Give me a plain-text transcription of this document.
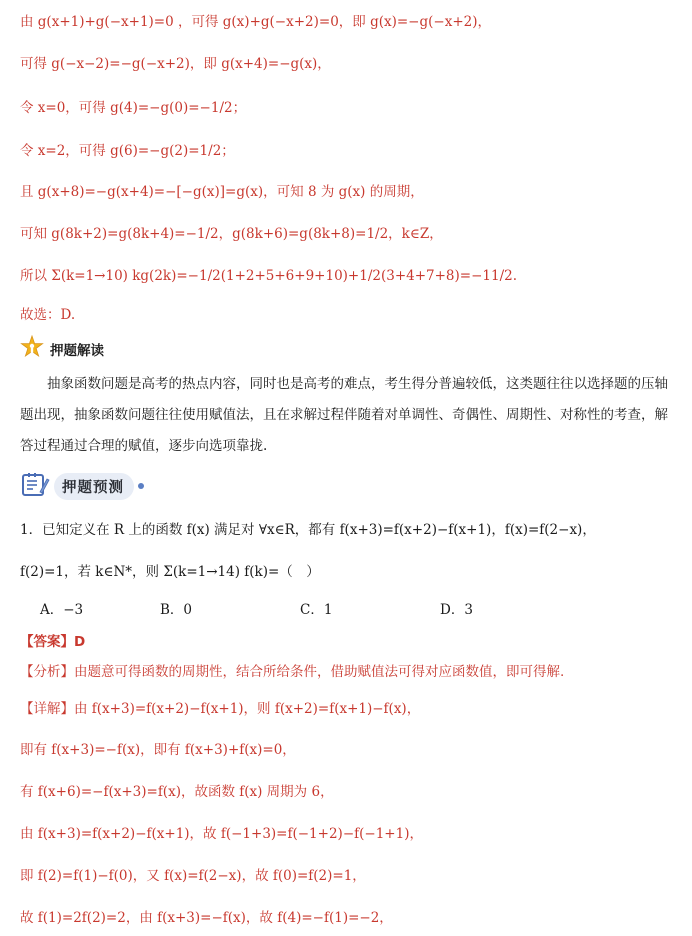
由 g(x+1)+g(−x+1)=0 ，可得 g(x)+g(−x+2)=0，即 g(x)=−g(−x+2)，
可得 g(−x−2)=−g(−x+2)，即 g(x+4)=−g(x)，
令 x=0，可得 g(4)=−g(0)=−1/2；
令 x=2，可得 g(6)=−g(2)=1/2；
且 g(x+8)=−g(x+4)=−[−g(x)]=g(x)，可知 8 为 g(x) 的周期，
可知 g(8k+2)=g(8k+4)=−1/2，g(8k+6)=g(8k+8)=1/2，k∈Z，
所以 Σ(k=1→10) kg(2k)=−1/2(1+2+5+6+9+10)+1/2(3+4+7+8)=−11/2.
故选：D.
押题解读
抽象函数问题是高考的热点内容，同时也是高考的难点，考生得分普遍较低，这类题往往以选择题的压轴题出现，抽象函数问题往往使用赋值法，且在求解过程伴随着对单调性、奇偶性、周期性、对称性的考查，解答过程通过合理的赋值，逐步向选项靠拢.
押题预测
1．已知定义在 R 上的函数 f(x) 满足对 ∀x∈R，都有 f(x+3)=f(x+2)−f(x+1)，f(x)=f(2−x)，
f(2)=1，若 k∈N*，则 Σ(k=1→14) f(k)=（　）
A．−3	B．0	C．1	D．3
【答案】D
【分析】由题意可得函数的周期性，结合所给条件，借助赋值法可得对应函数值，即可得解.
【详解】由 f(x+3)=f(x+2)−f(x+1)，则 f(x+2)=f(x+1)−f(x)，
即有 f(x+3)=−f(x)，即有 f(x+3)+f(x)=0，
有 f(x+6)=−f(x+3)=f(x)，故函数 f(x) 周期为 6，
由 f(x+3)=f(x+2)−f(x+1)，故 f(−1+3)=f(−1+2)−f(−1+1)，
即 f(2)=f(1)−f(0)，又 f(x)=f(2−x)，故 f(0)=f(2)=1，
故 f(1)=2f(2)=2，由 f(x+3)=−f(x)，故 f(4)=−f(1)=−2，
